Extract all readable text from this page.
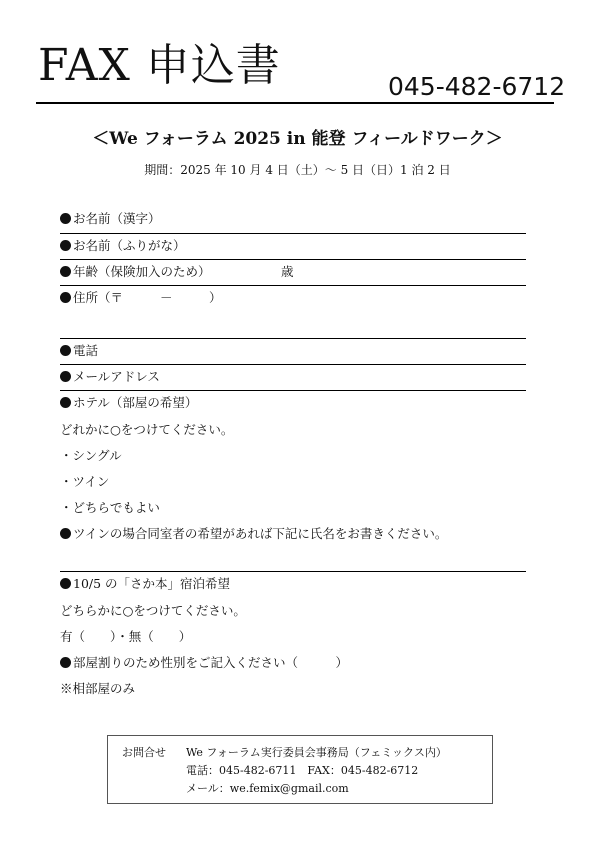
FAX 申込書	045-482-6712
＜We フォーラム 2025 in 能登 フィールドワーク＞
期間：2025 年 10 月 4 日（土）～ 5 日（日）1 泊 2 日
お名前（漢字）
お名前（ふりがな）
年齢（保険加入のため）	歳
住所（〒	－	）
電話
メールアドレス
ホテル（部屋の希望）
どれかに○をつけてください。
・シングル
・ツイン
・どちらでもよい
ツインの場合同室者の希望があれば下記に氏名をお書きください。
10/5 の「さか本」宿泊希望
どちらかに○をつけてください。
有（　　）・無（　　）
部屋割りのため性別をご記入ください（　　　）
※相部屋のみ
お問合せ We フォーラム実行委員会事務局（フェミックス内）
電話：045-482-6711　FAX：045-482-6712
メール：we.femix@gmail.com
